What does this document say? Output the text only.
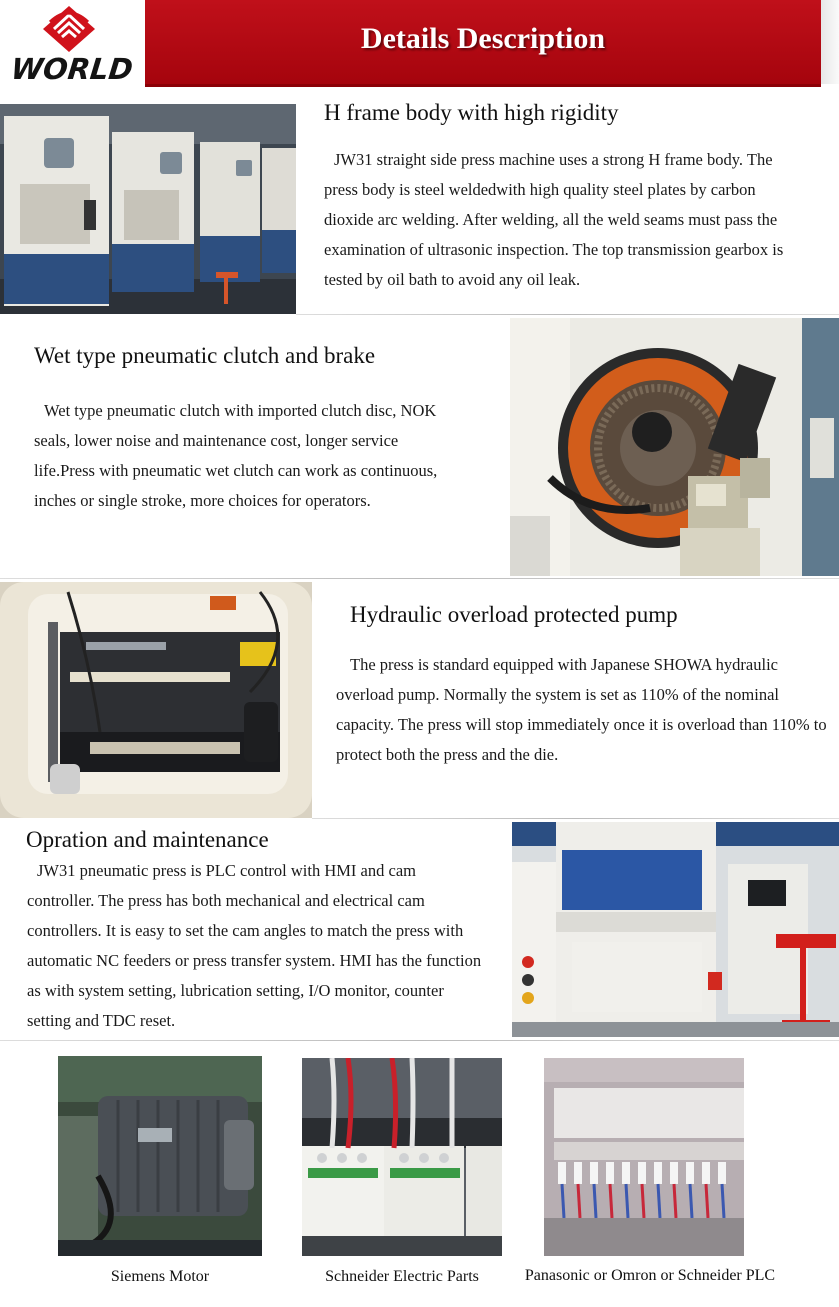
WORLD
Details Description
H frame body with high rigidity
JW31 straight side press machine uses a strong H frame body. The press body is steel weldedwith high quality steel plates by carbon dioxide arc welding. After welding, all the weld seams must pass the examination of ultrasonic inspection. The top transmission gearbox is tested by oil bath to avoid any oil leak.
Wet type pneumatic clutch and brake
Wet type pneumatic clutch with imported clutch disc, NOK seals, lower noise and maintenance cost, longer service life.Press with pneumatic wet clutch can work as continuous, inches or single stroke, more choices for operators.
Hydraulic overload protected pump
The press is standard equipped with Japanese SHOWA hydraulic overload pump. Normally the system is set as 110% of the nominal capacity. The press will stop immediately once it is overload than 110% to protect both the press and the die.
Opration and maintenance
JW31 pneumatic press is PLC control with HMI and cam controller. The press has both mechanical and electrical cam controllers. It is easy to set the cam angles to match the press with automatic NC feeders or press transfer system. HMI has the function as with system setting, lubrication setting, I/O monitor, counter setting and TDC reset.
Siemens Motor	Schneider Electric Parts	Panasonic or Omron or Schneider PLC
